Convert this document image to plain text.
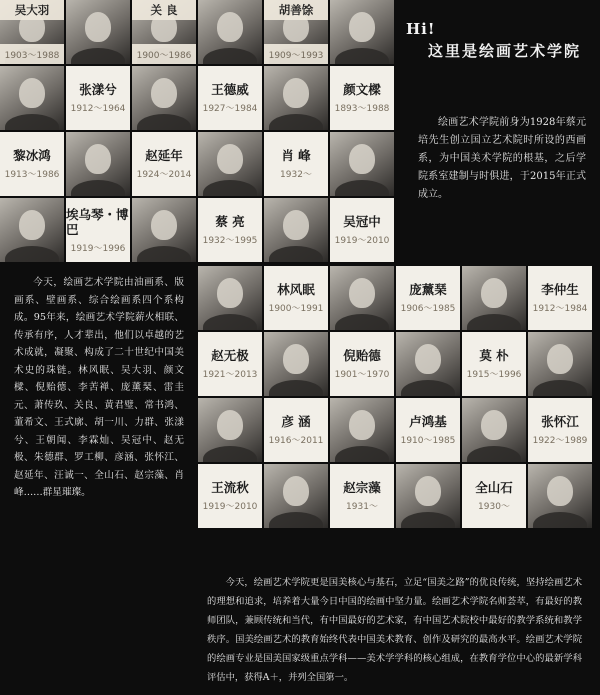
1903～1988
吴大羽	关 良
1900～1986
胡善馀
1909～1993
张漾兮
1912～1964
王德威
1927～1984
颜文樑
1893～1988
黎冰鸿
1913～1986
赵延年
1924～2014
肖 峰
1932～
埃乌琴・博巴
1919～1996
蔡 亮
1932～1995
吴冠中
1919～2010
Hi!
这里是绘画艺术学院

绘画艺术学院前身为1928年蔡元培先生创立国立艺术院时所设的西画系，为中国美术学院的根基，之后学院系室建制与时俱进，于2015年正式成立。

林风眠
1900～1991
庞薰琹
1906～1985
李仲生
1912～1984
赵无极
1921～2013
倪贻德
1901～1970
莫 朴
1915～1996
彦 涵
1916～2011
卢鸿基
1910～1985
张怀江
1922～1989
王流秋
1919～2010
赵宗藻
1931～
全山石
1930～

今天，绘画艺术学院由油画系、版画系、壁画系、综合绘画系四个系构成。95年来，绘画艺术学院薪火相联、传承有序，人才辈出，他们以卓越的艺术成就，凝聚、构成了二十世纪中国美术史的珠链。林风眠、吴大羽、颜文樑、倪贻德、李苦禅、庞薰琹、雷圭元、萧传玖、关良、黄君璧、常书鸿、董希文、王式廓、胡一川、力群、张漾兮、王朝闻、李霖灿、吴冠中、赵无极、朱德群、罗工柳、彦涵、张怀江、赵延年、汪诚一、全山石、赵宗藻、肖峰……群星璀璨。

今天，绘画艺术学院更是国美核心与基石，立足“国美之路”的优良传统，坚持绘画艺术的理想和追求，培养着大量今日中国的绘画中坚力量。绘画艺术学院名师荟萃，有最好的教师团队，兼顾传统和当代，有中国最好的艺术家，有中国艺术院校中最好的教学系统和教学秩序。国美绘画艺术的教育始终代表中国美术教育、创作及研究的最高水平。绘画艺术学院的绘画专业是国美国家级重点学科——美术学学科的核心组成，在教育学位中心的最新学科评估中，获得A＋，并列全国第一。
